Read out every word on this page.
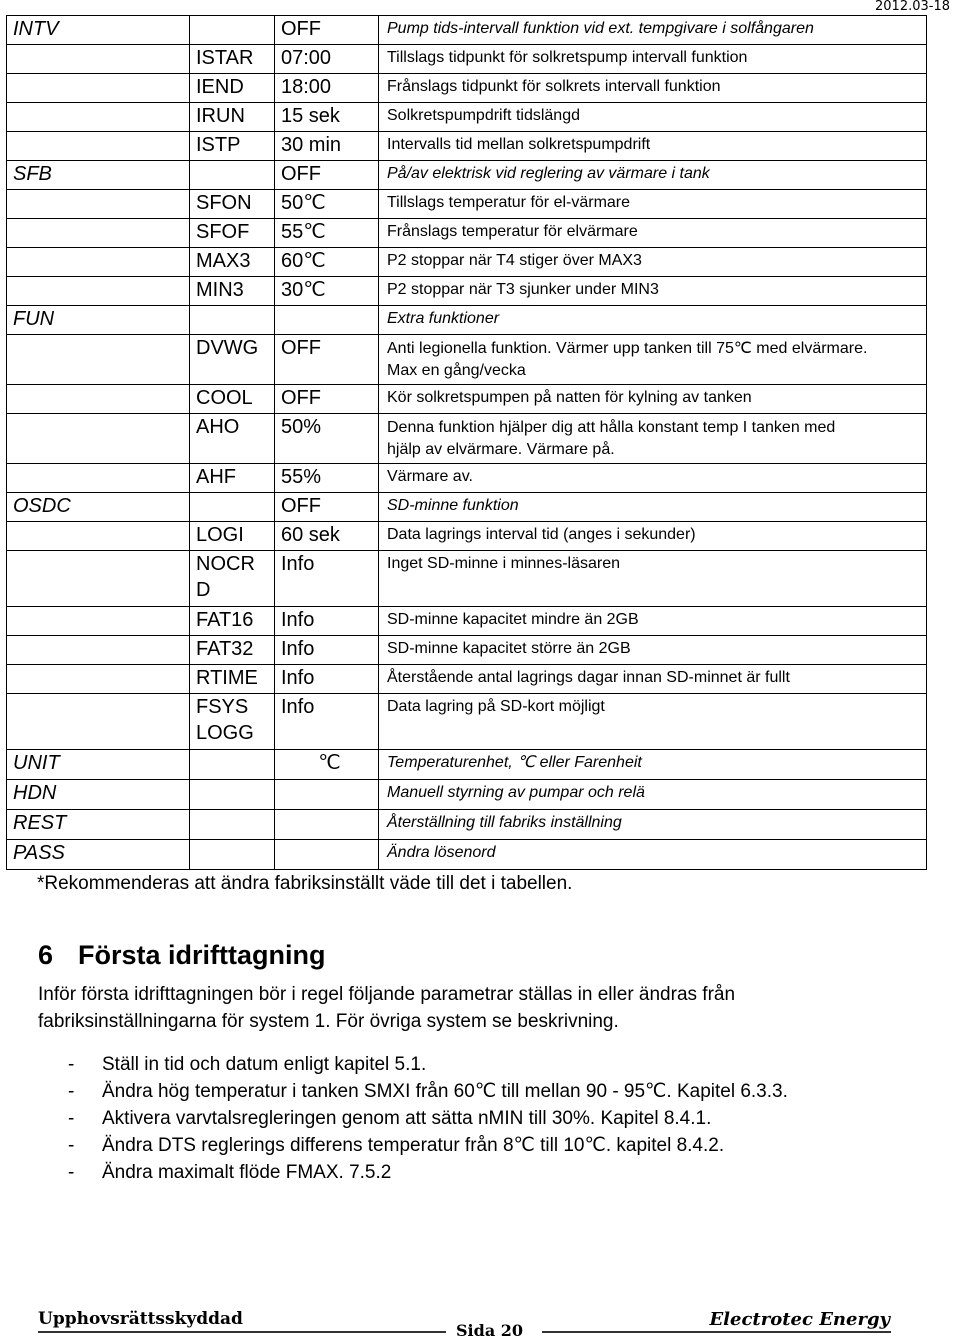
2012.03-18
INTV		OFF	Pump tids-intervall funktion vid ext. tempgivare i solfångaren

	ISTAR	07:00	Tillslags tidpunkt för solkretspump intervall funktion

	IEND	18:00	Frånslags tidpunkt för solkrets intervall funktion

	IRUN	15 sek	Solkretspumpdrift tidslängd

	ISTP	30 min	Intervalls tid mellan solkretspumpdrift

SFB		OFF	På/av elektrisk vid reglering av värmare i tank

	SFON	50℃	Tillslags temperatur för el-värmare

	SFOF	55℃	Frånslags temperatur för elvärmare

	MAX3	60℃	P2 stoppar när T4 stiger över MAX3

	MIN3	30℃	P2 stoppar när T3 sjunker under MIN3

FUN			Extra funktioner

	DVWG	OFF	Anti legionella funktion. Värmer upp tanken till 75℃ med elvärmare.
Max en gång/vecka

	COOL	OFF	Kör solkretspumpen på natten för kylning av tanken

	AHO	50%	Denna funktion hjälper dig att hålla konstant temp I tanken med
hjälp av elvärmare. Värmare på.

	AHF	55%	Värmare av.

OSDC		OFF	SD-minne funktion

	LOGI	60 sek	Data lagrings interval tid (anges i sekunder)

	NOCR D	Info	Inget SD-minne i minnes-läsaren

	FAT16	Info	SD-minne kapacitet mindre än 2GB

	FAT32	Info	SD-minne kapacitet större än 2GB

	RTIME	Info	Återstående antal lagrings dagar innan SD-minnet är fullt

	FSYS LOGG	Info	Data lagring på SD-kort möjligt

UNIT		℃	Temperaturenhet, ℃ eller Farenheit

HDN			Manuell styrning av pumpar och relä

REST			Återställning till fabriks inställning

PASS			Ändra lösenord
*Rekommenderas att ändra fabriksinställt väde till det i tabellen.
6 Första idrifttagning

Inför första idrifttagningen bör i regel följande parametrar ställas in eller ändras från fabriksinställningarna för system 1. För övriga system se beskrivning.

- Ställ in tid och datum enligt kapitel 5.1.
- Ändra hög temperatur i tanken SMXI från 60℃ till mellan 90 - 95℃. Kapitel 6.3.3.
- Aktivera varvtalsregleringen genom att sätta nMIN till 30%. Kapitel 8.4.1.
- Ändra DTS reglerings differens temperatur från 8℃ till 10℃. kapitel 8.4.2.
- Ändra maximalt flöde FMAX. 7.5.2
Upphovsrättsskyddad
Sida 20
Electrotec Energy
